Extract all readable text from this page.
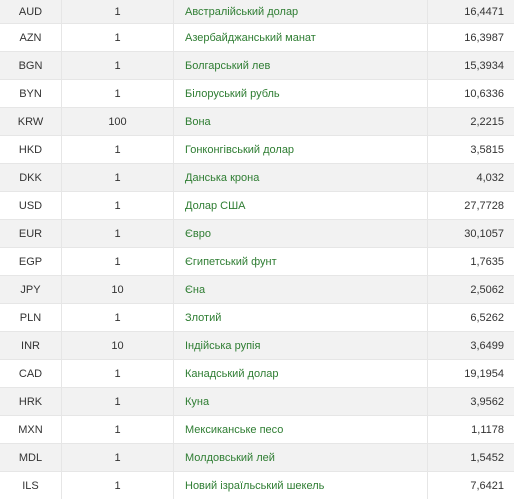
AUD	1	Австралійський долар	16,4471
AZN	1	Азербайджанський манат	16,3987
BGN	1	Болгарський лев	15,3934
BYN	1	Білоруський рубль	10,6336
KRW	100	Вона	2,2215
HKD	1	Гонконгівський долар	3,5815
DKK	1	Данська крона	4,032
USD	1	Долар США	27,7728
EUR	1	Євро	30,1057
EGP	1	Єгипетський фунт	1,7635
JPY	10	Єна	2,5062
PLN	1	Злотий	6,5262
INR	10	Індійська рупія	3,6499
CAD	1	Канадський долар	19,1954
HRK	1	Куна	3,9562
MXN	1	Мексиканське песо	1,1178
MDL	1	Молдовський лей	1,5452
ILS	1	Новий ізраїльський шекель	7,6421
